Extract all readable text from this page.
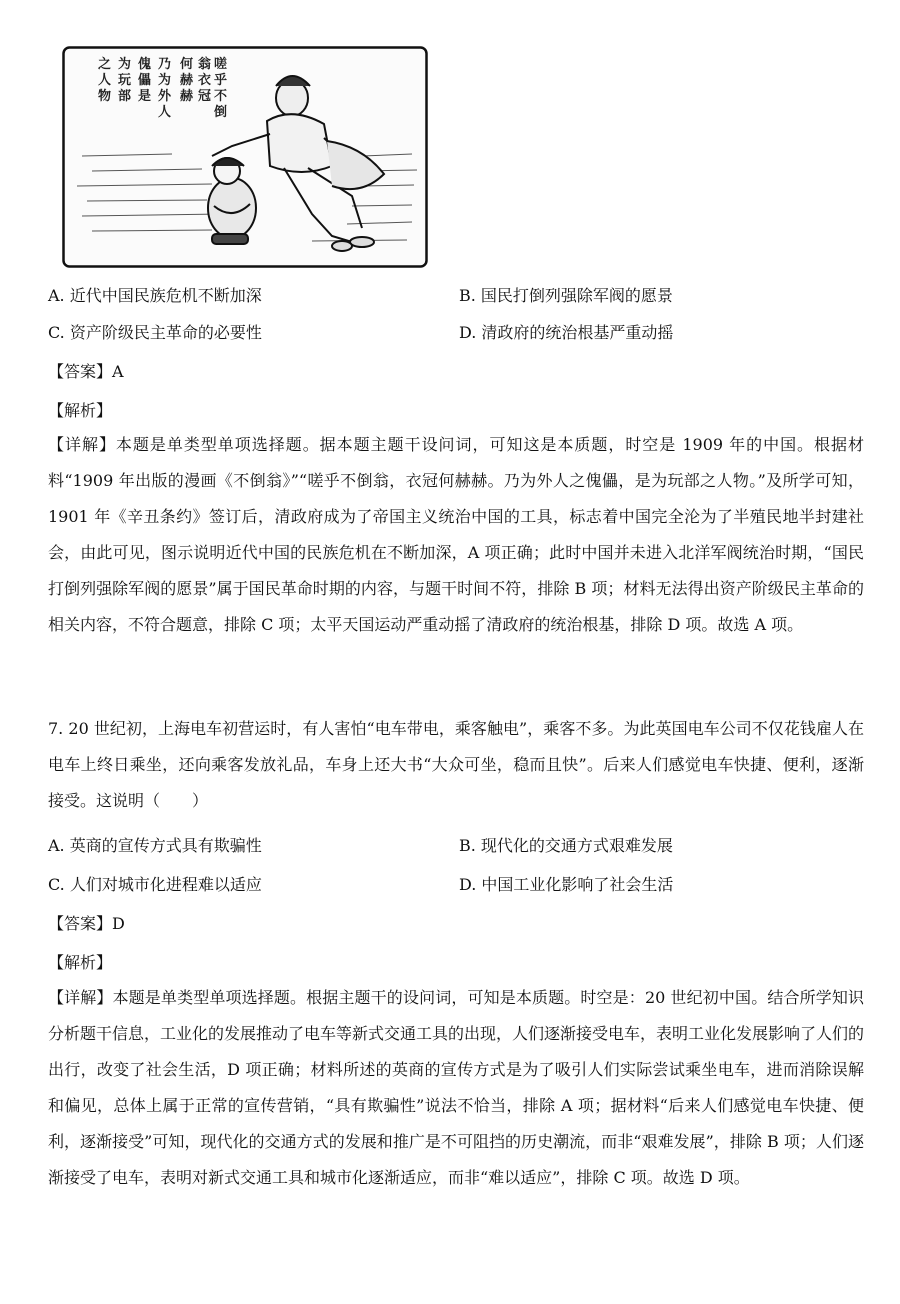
嗟
乎
不
倒
翁
衣
冠
何
赫
赫
乃
为
外
人
傀
儡
是
为
玩
部
之
人
物
A. 近代中国民族危机不断加深	B. 国民打倒列强除军阀的愿景
C. 资产阶级民主革命的必要性	D. 清政府的统治根基严重动摇
【答案】A
【解析】
【详解】本题是单类型单项选择题。据本题主题干设问词，可知这是本质题，时空是 1909 年的中国。根据材料“1909 年出版的漫画《不倒翁》”“嗟乎不倒翁，衣冠何赫赫。乃为外人之傀儡，是为玩部之人物。”及所学可知，1901 年《辛丑条约》签订后，清政府成为了帝国主义统治中国的工具，标志着中国完全沦为了半殖民地半封建社会，由此可见，图示说明近代中国的民族危机在不断加深，A 项正确；此时中国并未进入北洋军阀统治时期，“国民打倒列强除军阀的愿景”属于国民革命时期的内容，与题干时间不符，排除 B 项；材料无法得出资产阶级民主革命的相关内容，不符合题意，排除 C 项；太平天国运动严重动摇了清政府的统治根基，排除 D 项。故选 A 项。
7. 20 世纪初，上海电车初营运时，有人害怕“电车带电，乘客触电”，乘客不多。为此英国电车公司不仅花钱雇人在电车上终日乘坐，还向乘客发放礼品，车身上还大书“大众可坐，稳而且快”。后来人们感觉电车快捷、便利，逐渐接受。这说明（　　）
A. 英商的宣传方式具有欺骗性	B. 现代化的交通方式艰难发展
C. 人们对城市化进程难以适应	D. 中国工业化影响了社会生活
【答案】D
【解析】
【详解】本题是单类型单项选择题。根据主题干的设问词，可知是本质题。时空是：20 世纪初中国。结合所学知识分析题干信息，工业化的发展推动了电车等新式交通工具的出现，人们逐渐接受电车，表明工业化发展影响了人们的出行，改变了社会生活，D 项正确；材料所述的英商的宣传方式是为了吸引人们实际尝试乘坐电车，进而消除误解和偏见，总体上属于正常的宣传营销，“具有欺骗性”说法不恰当，排除 A 项；据材料“后来人们感觉电车快捷、便利，逐渐接受”可知，现代化的交通方式的发展和推广是不可阻挡的历史潮流，而非“艰难发展”，排除 B 项；人们逐渐接受了电车，表明对新式交通工具和城市化逐渐适应，而非“难以适应”，排除 C 项。故选 D 项。
